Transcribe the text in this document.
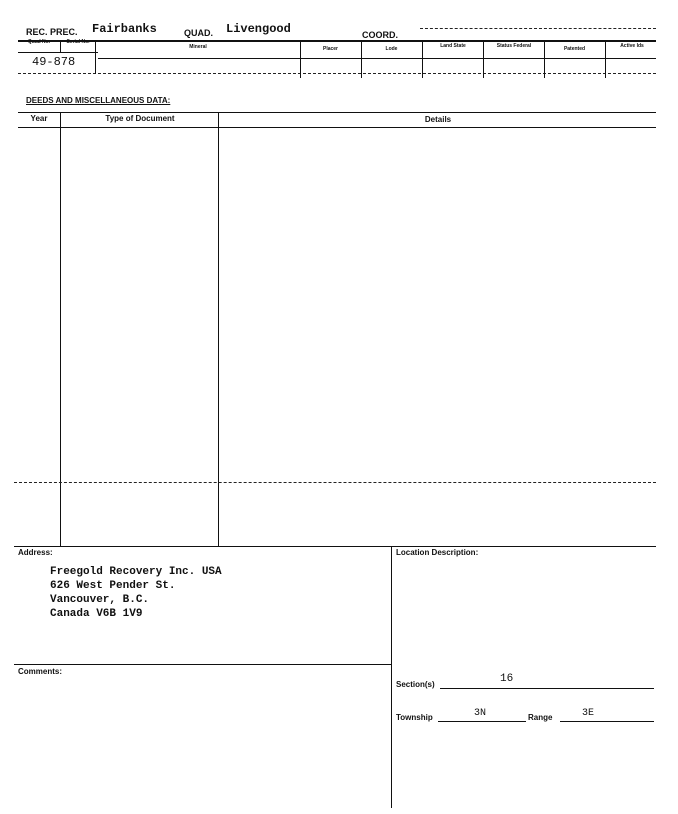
REC. PREC. Fairbanks	QUAD. Livengood	COORD.
Quad No.	Serial No.
Mineral	Placer	Lode	Land State	Status Federal	Patented	Active Ids
49-878
DEEDS AND MISCELLANEOUS DATA:
Year	Type of Document	Details
Address:
Freegold Recovery Inc. USA
626 West Pender St.
Vancouver, B.C.
Canada V6B 1V9
Location Description:
Comments:
Section(s)	16
Township	3N	Range	3E
